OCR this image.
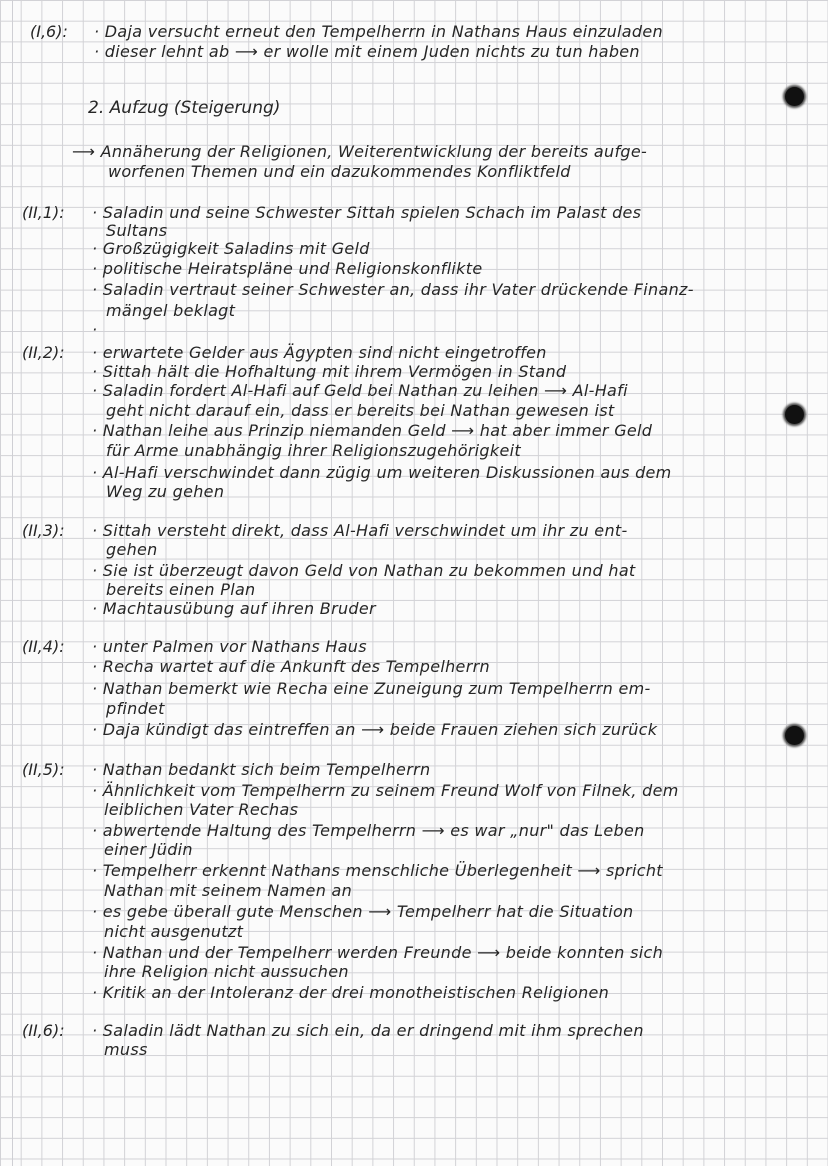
(I,6): · Daja versucht erneut den Tempelherrn in Nathans Haus einzuladen

· dieser lehnt ab ⟶ er wolle mit einem Juden nichts zu tun haben

2. Aufzug (Steigerung)

⟶ Annäherung der Religionen, Weiterentwicklung der bereits aufge-

worfenen Themen und ein dazukommendes Konfliktfeld

(II,1): · Saladin und seine Schwester Sittah spielen Schach im Palast des

Sultans

· Großzügigkeit Saladins mit Geld

· politische Heiratspläne und Religionskonflikte

· Saladin vertraut seiner Schwester an, dass ihr Vater drückende Finanz-

mängel beklagt

·

(II,2): · erwartete Gelder aus Ägypten sind nicht eingetroffen

· Sittah hält die Hofhaltung mit ihrem Vermögen in Stand

· Saladin fordert Al-Hafi auf Geld bei Nathan zu leihen ⟶ Al-Hafi

geht nicht darauf ein, dass er bereits bei Nathan gewesen ist

· Nathan leihe aus Prinzip niemanden Geld ⟶ hat aber immer Geld

für Arme unabhängig ihrer Religionszugehörigkeit

· Al-Hafi verschwindet dann zügig um weiteren Diskussionen aus dem

Weg zu gehen

(II,3): · Sittah versteht direkt, dass Al-Hafi verschwindet um ihr zu ent-

gehen

· Sie ist überzeugt davon Geld von Nathan zu bekommen und hat

bereits einen Plan

· Machtausübung auf ihren Bruder

(II,4): · unter Palmen vor Nathans Haus

· Recha wartet auf die Ankunft des Tempelherrn

· Nathan bemerkt wie Recha eine Zuneigung zum Tempelherrn em-

pfindet

· Daja kündigt das eintreffen an ⟶ beide Frauen ziehen sich zurück

(II,5): · Nathan bedankt sich beim Tempelherrn

· Ähnlichkeit vom Tempelherrn zu seinem Freund Wolf von Filnek, dem

leiblichen Vater Rechas

· abwertende Haltung des Tempelherrn ⟶ es war „nur" das Leben

einer Jüdin

· Tempelherr erkennt Nathans menschliche Überlegenheit ⟶ spricht

Nathan mit seinem Namen an

· es gebe überall gute Menschen ⟶ Tempelherr hat die Situation

nicht ausgenutzt

· Nathan und der Tempelherr werden Freunde ⟶ beide konnten sich

ihre Religion nicht aussuchen

· Kritik an der Intoleranz der drei monotheistischen Religionen

(II,6): · Saladin lädt Nathan zu sich ein, da er dringend mit ihm sprechen

muss
